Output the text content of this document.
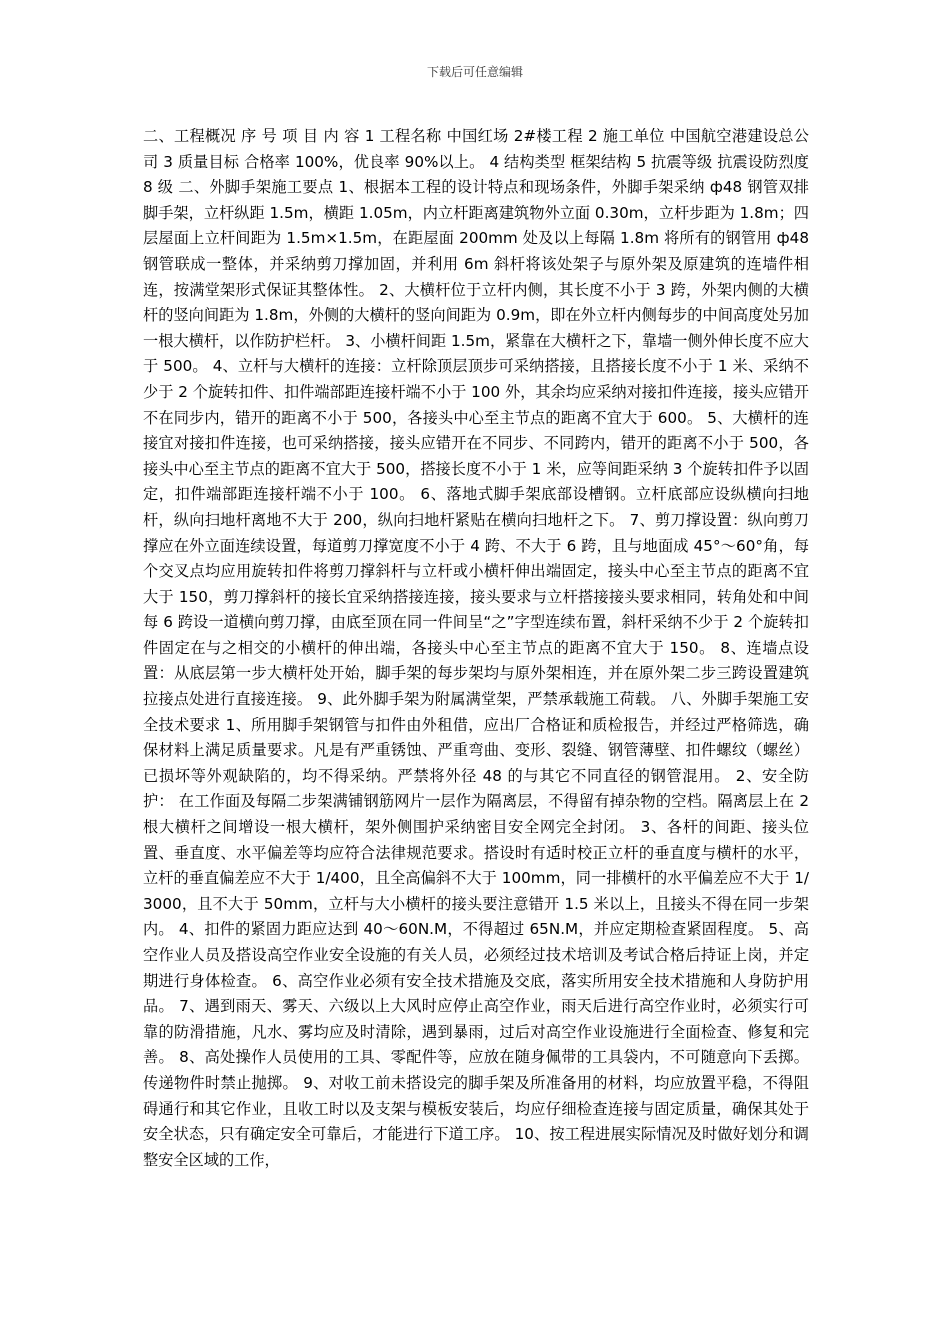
下载后可任意编辑

二、工程概况 序 号 项 目 内 容 1 工程名称 中国红场 2#楼工程 2 施工单位 中国航空港建设总公司 3 质量目标 合格率 100%，优良率 90%以上。 4 结构类型 框架结构 5 抗震等级 抗震设防烈度 8 级 二、外脚手架施工要点 1、根据本工程的设计特点和现场条件，外脚手架采纳 ф48 钢管双排脚手架，立杆纵距 1.5m，横距 1.05m，内立杆距离建筑物外立面 0.30m，立杆步距为 1.8m；四层屋面上立杆间距为 1.5m×1.5m，在距屋面 200mm 处及以上每隔 1.8m 将所有的钢管用 ф48 钢管联成一整体，并采纳剪刀撑加固，并利用 6m 斜杆将该处架子与原外架及原建筑的连墙件相连，按满堂架形式保证其整体性。 2、大横杆位于立杆内侧，其长度不小于 3 跨，外架内侧的大横杆的竖向间距为 1.8m，外侧的大横杆的竖向间距为 0.9m，即在外立杆内侧每步的中间高度处另加一根大横杆，以作防护栏杆。 3、小横杆间距 1.5m，紧靠在大横杆之下，靠墙一侧外伸长度不应大于 500。 4、立杆与大横杆的连接：立杆除顶层顶步可采纳搭接，且搭接长度不小于 1 米、采纳不少于 2 个旋转扣件、扣件端部距连接杆端不小于 100 外，其余均应采纳对接扣件连接，接头应错开不在同步内，错开的距离不小于 500，各接头中心至主节点的距离不宜大于 600。 5、大横杆的连接宜对接扣件连接，也可采纳搭接，接头应错开在不同步、不同跨内，错开的距离不小于 500，各接头中心至主节点的距离不宜大于 500，搭接长度不小于 1 米，应等间距采纳 3 个旋转扣件予以固定，扣件端部距连接杆端不小于 100。 6、落地式脚手架底部设槽钢。立杆底部应设纵横向扫地杆，纵向扫地杆离地不大于 200，纵向扫地杆紧贴在横向扫地杆之下。 7、剪刀撑设置：纵向剪刀撑应在外立面连续设置，每道剪刀撑宽度不小于 4 跨、不大于 6 跨，且与地面成 45°～60°角，每个交叉点均应用旋转扣件将剪刀撑斜杆与立杆或小横杆伸出端固定，接头中心至主节点的距离不宜大于 150，剪刀撑斜杆的接长宜采纳搭接连接，接头要求与立杆搭接接头要求相同，转角处和中间每 6 跨设一道横向剪刀撑，由底至顶在同一件间呈“之”字型连续布置，斜杆采纳不少于 2 个旋转扣件固定在与之相交的小横杆的伸出端，各接头中心至主节点的距离不宜大于 150。 8、连墙点设置：从底层第一步大横杆处开始，脚手架的每步架均与原外架相连，并在原外架二步三跨设置建筑拉接点处进行直接连接。 9、此外脚手架为附属满堂架，严禁承载施工荷载。 八、外脚手架施工安全技术要求 1、所用脚手架钢管与扣件由外租借，应出厂合格证和质检报告，并经过严格筛选，确保材料上满足质量要求。凡是有严重锈蚀、严重弯曲、变形、裂缝、钢管薄壁、扣件螺纹（螺丝）已损坏等外观缺陷的，均不得采纳。严禁将外径 48 的与其它不同直径的钢管混用。 2、安全防护： 在工作面及每隔二步架满铺钢筋网片一层作为隔离层，不得留有掉杂物的空档。隔离层上在 2 根大横杆之间增设一根大横杆，架外侧围护采纳密目安全网完全封闭。 3、各杆的间距、接头位置、垂直度、水平偏差等均应符合法律规范要求。搭设时有适时校正立杆的垂直度与横杆的水平，立杆的垂直偏差应不大于 1/400，且全高偏斜不大于 100mm，同一排横杆的水平偏差应不大于 1/3000，且不大于 50mm，立杆与大小横杆的接头要注意错开 1.5 米以上，且接头不得在同一步架内。 4、扣件的紧固力距应达到 40～60N.M，不得超过 65N.M，并应定期检查紧固程度。 5、高空作业人员及搭设高空作业安全设施的有关人员，必须经过技术培训及考试合格后持证上岗，并定期进行身体检查。 6、高空作业必须有安全技术措施及交底，落实所用安全技术措施和人身防护用品。 7、遇到雨天、雾天、六级以上大风时应停止高空作业，雨天后进行高空作业时，必须实行可靠的防滑措施，凡水、雾均应及时清除，遇到暴雨，过后对高空作业设施进行全面检查、修复和完善。 8、高处操作人员使用的工具、零配件等，应放在随身佩带的工具袋内，不可随意向下丢掷。传递物件时禁止抛掷。 9、对收工前未搭设完的脚手架及所准备用的材料，均应放置平稳，不得阻碍通行和其它作业，且收工时以及支架与模板安装后，均应仔细检查连接与固定质量，确保其处于安全状态，只有确定安全可靠后，才能进行下道工序。 10、按工程进展实际情况及时做好划分和调整安全区域的工作，
